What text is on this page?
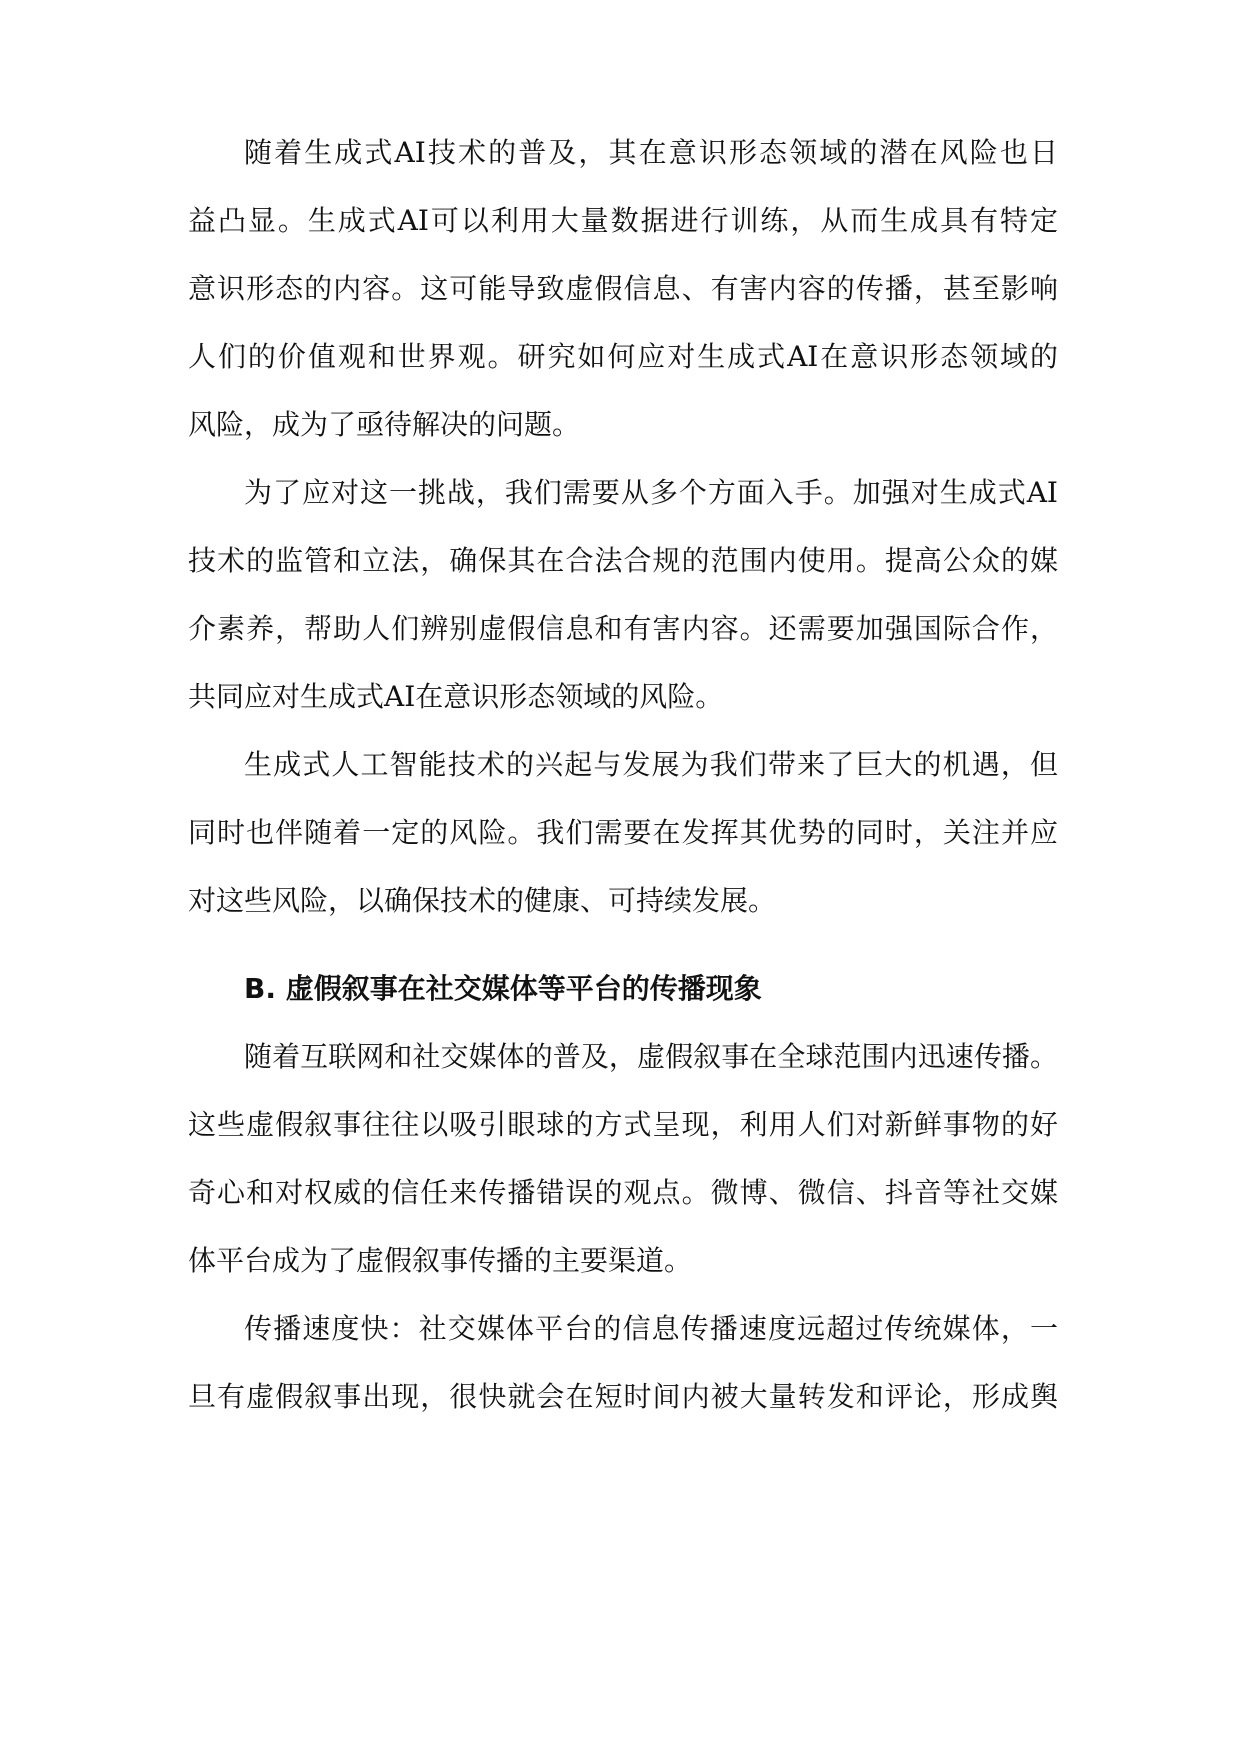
随着生成式AI技术的普及，其在意识形态领域的潜在风险也日
益凸显。生成式AI可以利用大量数据进行训练，从而生成具有特定
意识形态的内容。这可能导致虚假信息、有害内容的传播，甚至影响
人们的价值观和世界观。研究如何应对生成式AI在意识形态领域的
风险，成为了亟待解决的问题。
为了应对这一挑战，我们需要从多个方面入手。加强对生成式AI
技术的监管和立法，确保其在合法合规的范围内使用。提高公众的媒
介素养，帮助人们辨别虚假信息和有害内容。还需要加强国际合作，
共同应对生成式AI在意识形态领域的风险。
生成式人工智能技术的兴起与发展为我们带来了巨大的机遇，但
同时也伴随着一定的风险。我们需要在发挥其优势的同时，关注并应
对这些风险，以确保技术的健康、可持续发展。
B. 虚假叙事在社交媒体等平台的传播现象
随着互联网和社交媒体的普及，虚假叙事在全球范围内迅速传播。
这些虚假叙事往往以吸引眼球的方式呈现，利用人们对新鲜事物的好
奇心和对权威的信任来传播错误的观点。微博、微信、抖音等社交媒
体平台成为了虚假叙事传播的主要渠道。
传播速度快：社交媒体平台的信息传播速度远超过传统媒体，一
旦有虚假叙事出现，很快就会在短时间内被大量转发和评论，形成舆
